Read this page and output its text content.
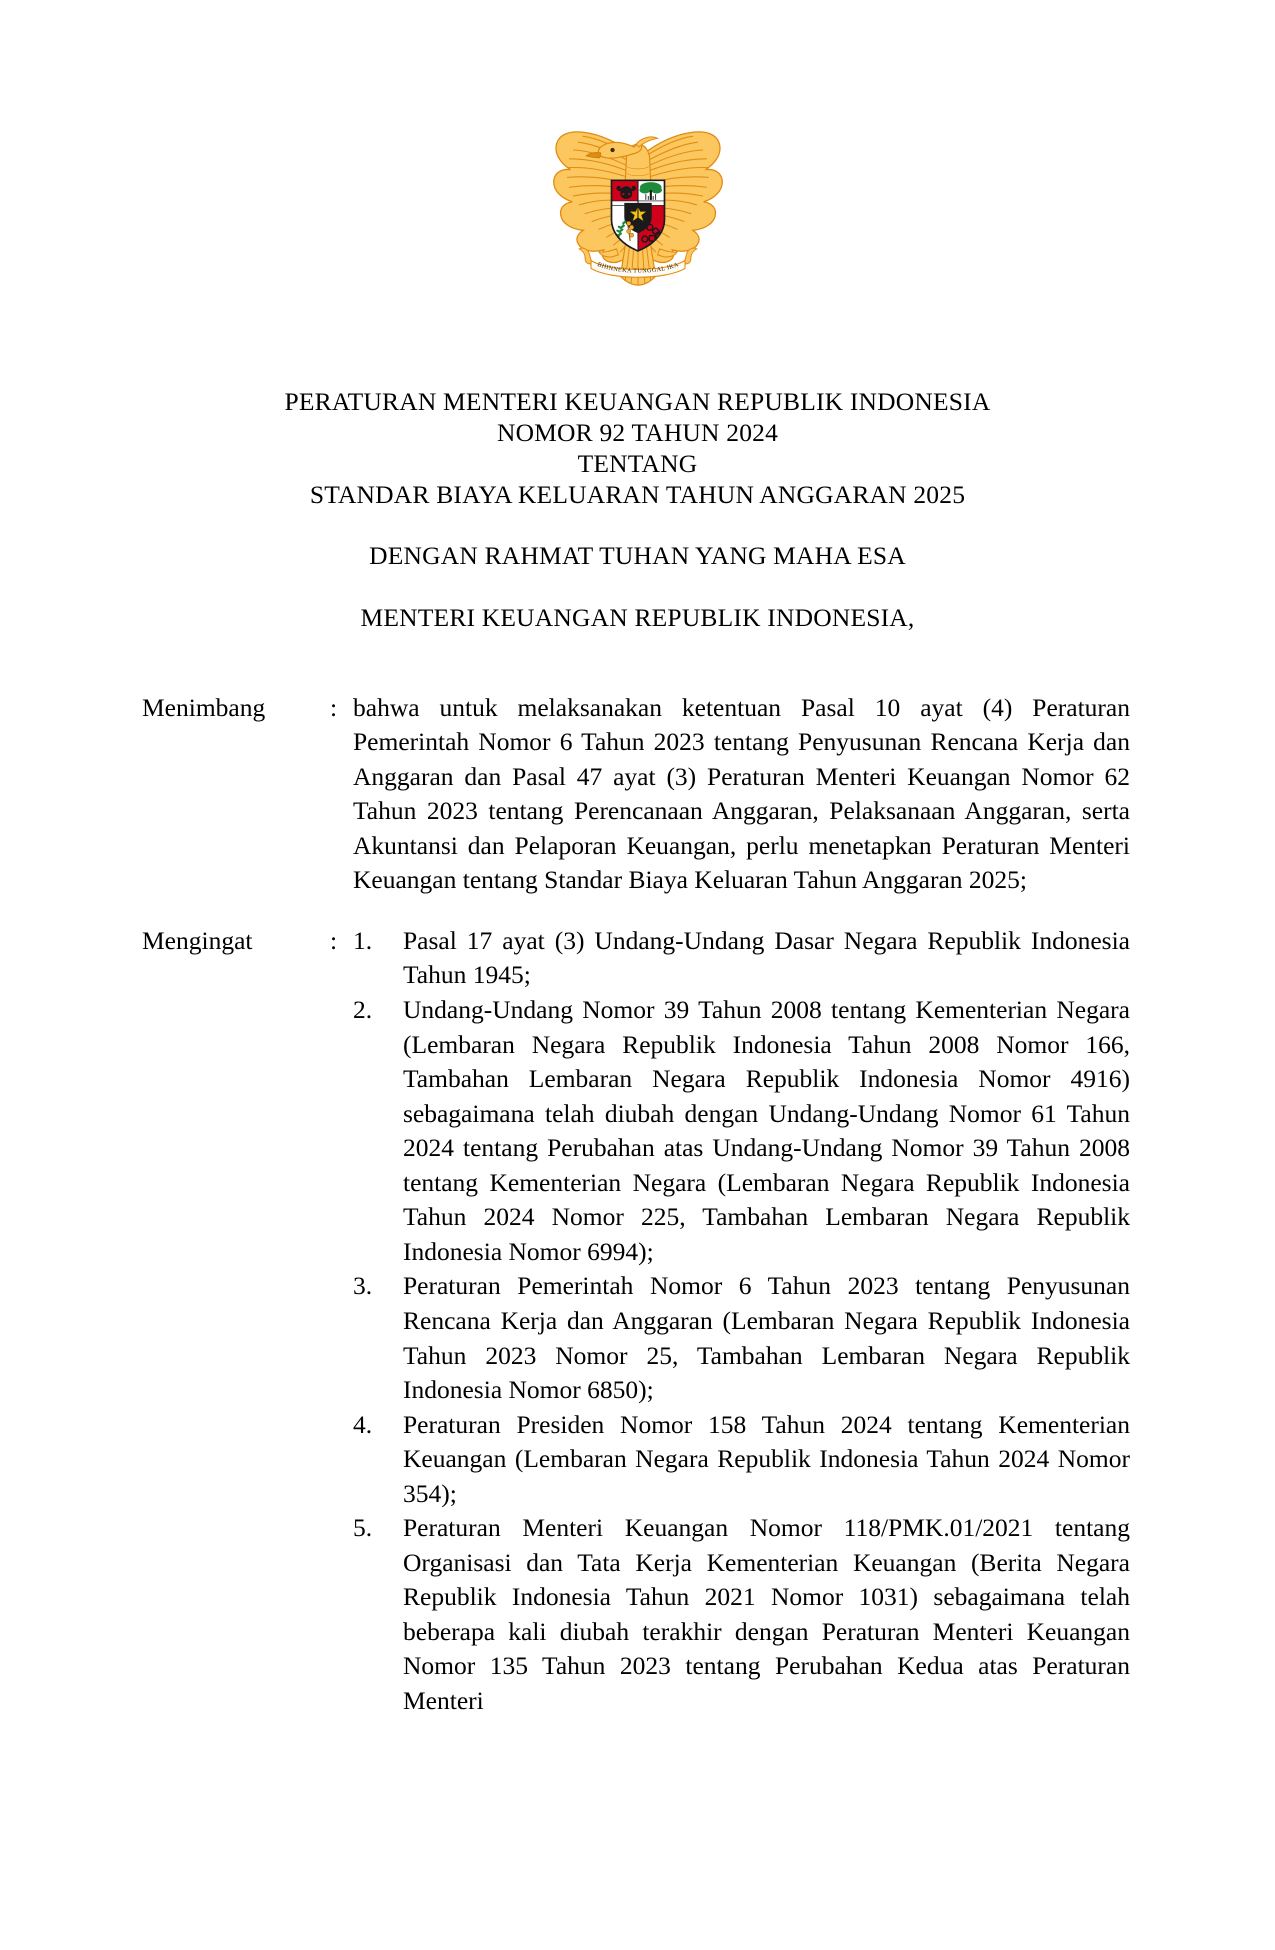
BHINNEKA TUNGGAL IKA
PERATURAN MENTERI KEUANGAN REPUBLIK INDONESIA
NOMOR 92 TAHUN 2024
TENTANG
STANDAR BIAYA KELUARAN TAHUN ANGGARAN 2025
DENGAN RAHMAT TUHAN YANG MAHA ESA
MENTERI KEUANGAN REPUBLIK INDONESIA,
Menimbang	: bahwa untuk melaksanakan ketentuan Pasal 10 ayat (4) Peraturan Pemerintah Nomor 6 Tahun 2023 tentang Penyusunan Rencana Kerja dan Anggaran dan Pasal 47 ayat (3) Peraturan Menteri Keuangan Nomor 62 Tahun 2023 tentang Perencanaan Anggaran, Pelaksanaan Anggaran, serta Akuntansi dan Pelaporan Keuangan, perlu menetapkan Peraturan Menteri Keuangan tentang Standar Biaya Keluaran Tahun Anggaran 2025;

Mengingat	: 1.	Pasal 17 ayat (3) Undang-Undang Dasar Negara Republik Indonesia Tahun 1945;
2.	Undang-Undang Nomor 39 Tahun 2008 tentang Kementerian Negara (Lembaran Negara Republik Indonesia Tahun 2008 Nomor 166, Tambahan Lembaran Negara Republik Indonesia Nomor 4916) sebagaimana telah diubah dengan Undang-Undang Nomor 61 Tahun 2024 tentang Perubahan atas Undang-Undang Nomor 39 Tahun 2008 tentang Kementerian Negara (Lembaran Negara Republik Indonesia Tahun 2024 Nomor 225, Tambahan Lembaran Negara Republik Indonesia Nomor 6994);
3.	Peraturan Pemerintah Nomor 6 Tahun 2023 tentang Penyusunan Rencana Kerja dan Anggaran (Lembaran Negara Republik Indonesia Tahun 2023 Nomor 25, Tambahan Lembaran Negara Republik Indonesia Nomor 6850);
4.	Peraturan Presiden Nomor 158 Tahun 2024 tentang Kementerian Keuangan (Lembaran Negara Republik Indonesia Tahun 2024 Nomor 354);
5.	Peraturan Menteri Keuangan Nomor 118/PMK.01/2021 tentang Organisasi dan Tata Kerja Kementerian Keuangan (Berita Negara Republik Indonesia Tahun 2021 Nomor 1031) sebagaimana telah beberapa kali diubah terakhir dengan Peraturan Menteri Keuangan Nomor 135 Tahun 2023 tentang Perubahan Kedua atas Peraturan Menteri
